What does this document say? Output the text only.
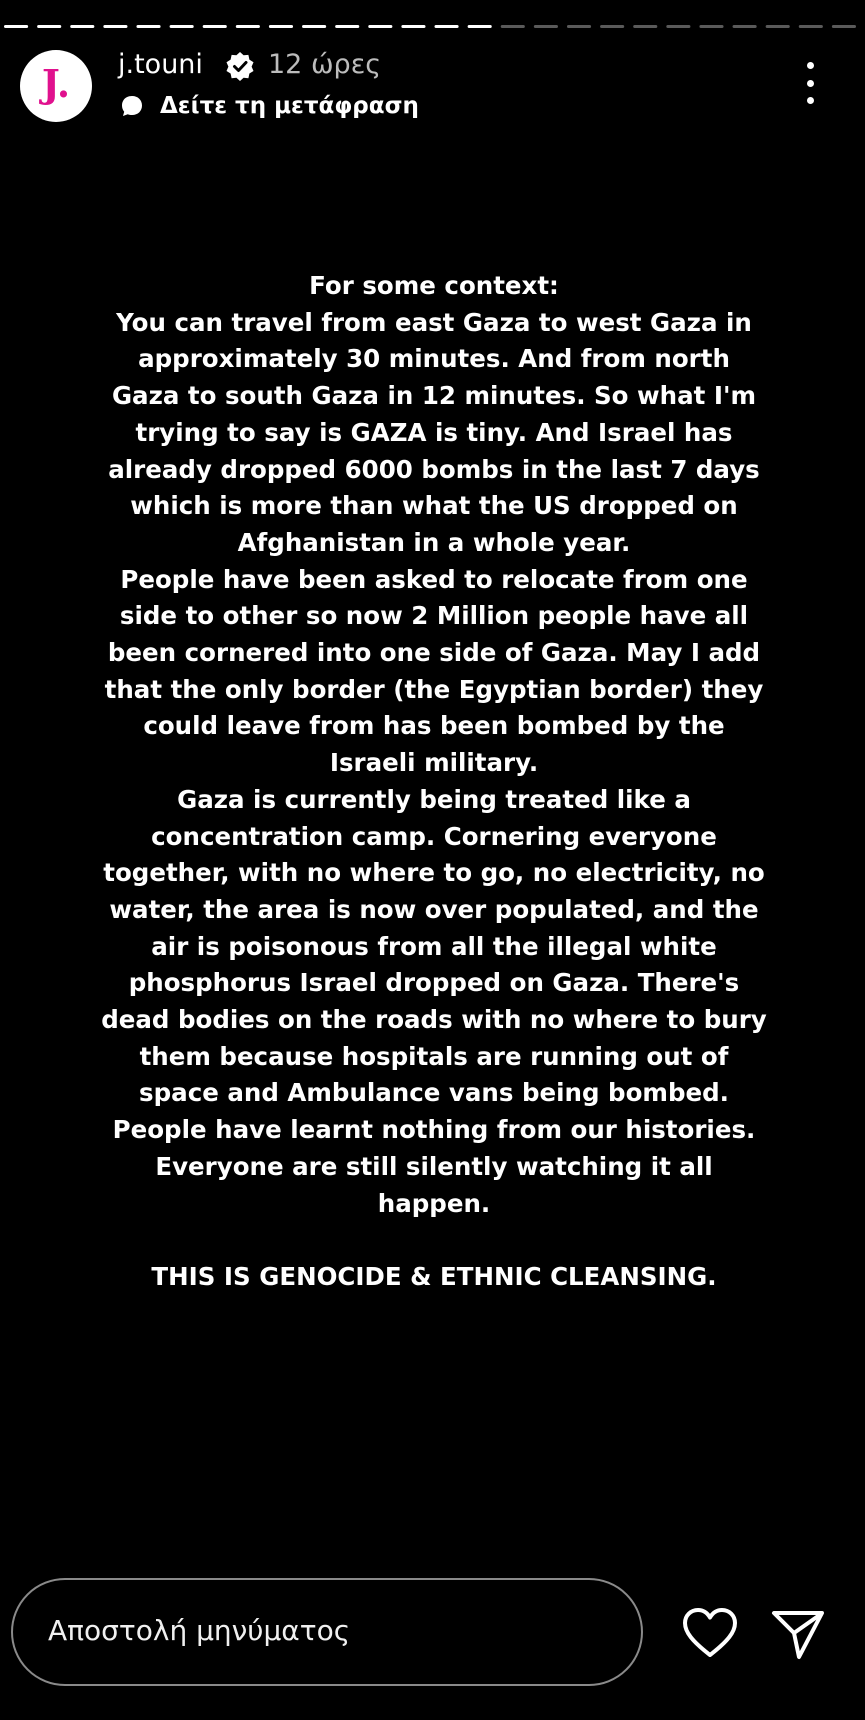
J. j.touni 12 ώρες
Δείτε τη μετάφραση
For some context:
You can travel from east Gaza to west Gaza in
approximately 30 minutes. And from north
Gaza to south Gaza in 12 minutes. So what I'm
trying to say is GAZA is tiny. And Israel has
already dropped 6000 bombs in the last 7 days
which is more than what the US dropped on
Afghanistan in a whole year.
People have been asked to relocate from one
side to other so now 2 Million people have all
been cornered into one side of Gaza. May I add
that the only border (the Egyptian border) they
could leave from has been bombed by the
Israeli military.
Gaza is currently being treated like a
concentration camp. Cornering everyone
together, with no where to go, no electricity, no
water, the area is now over populated, and the
air is poisonous from all the illegal white
phosphorus Israel dropped on Gaza. There's
dead bodies on the roads with no where to bury
them because hospitals are running out of
space and Ambulance vans being bombed.
People have learnt nothing from our histories.
Everyone are still silently watching it all
happen.
THIS IS GENOCIDE & ETHNIC CLEANSING.
Αποστολή μηνύματος
